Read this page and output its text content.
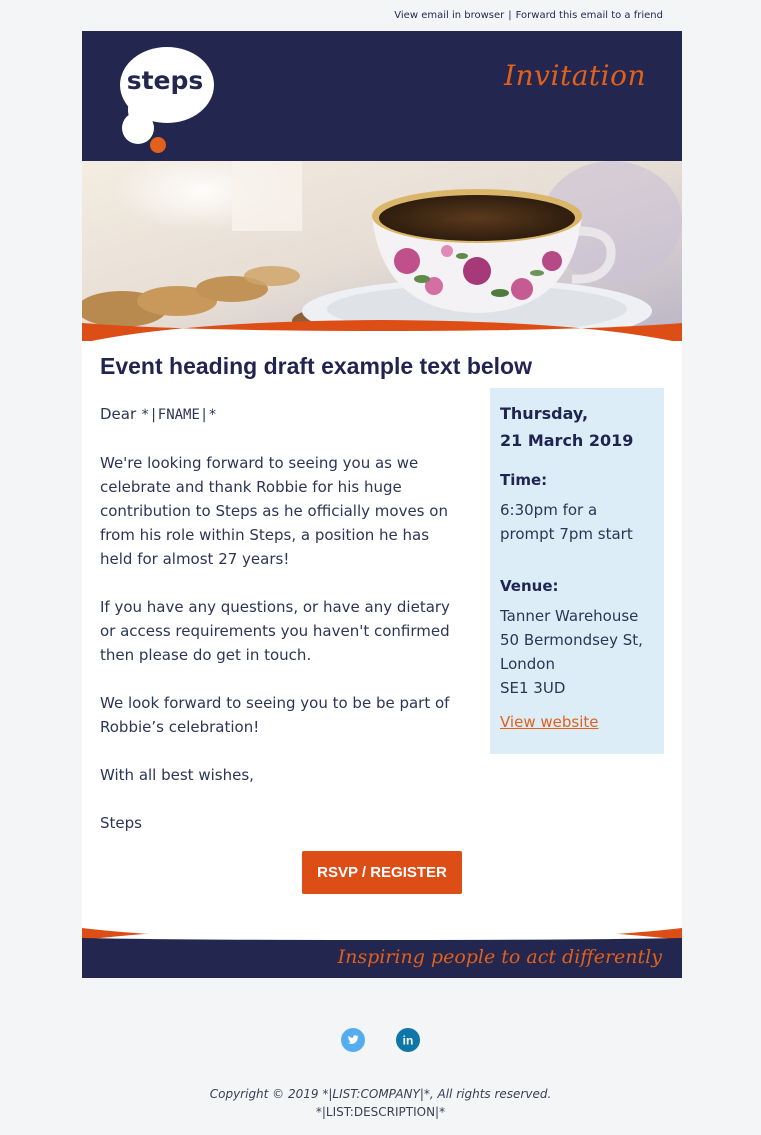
View email in browser | Forward this email to a friend
steps	Invitation
Event heading draft example text below

Dear *|FNAME|*

We're looking forward to seeing you as we celebrate and thank Robbie for his huge contribution to Steps as he officially moves on from his role within Steps, a position he has held for almost 27 years!

If you have any questions, or have any dietary or access requirements you haven't confirmed then please do get in touch.

We look forward to seeing you to be be part of Robbie’s celebration!

With all best wishes,

Steps

Thursday,
21 March 2019
Time:
6:30pm for a prompt 7pm start
Venue:
Tanner Warehouse
50 Bermondsey St,
London
SE1 3UD
View website
RSVP / REGISTER
Inspiring people to act differently

in
Copyright © 2019 *|LIST:COMPANY|*, All rights reserved.
*|LIST:DESCRIPTION|*
